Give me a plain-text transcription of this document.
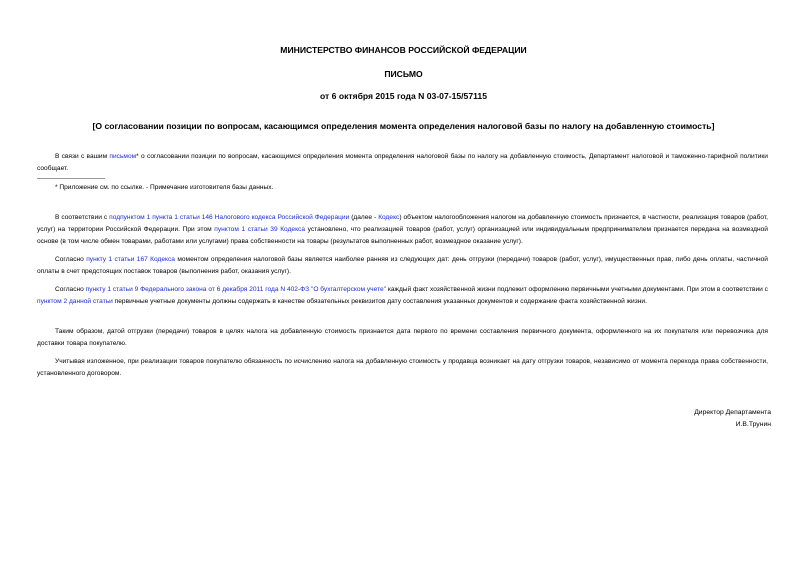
МИНИСТЕРСТВО ФИНАНСОВ РОССИЙСКОЙ ФЕДЕРАЦИИ
ПИСЬМО
от 6 октября 2015 года N 03-07-15/57115
[О согласовании позиции по вопросам, касающимся определения момента определения налоговой базы по налогу на добавленную стоимость]
В связи с вашим письмом* о согласовании позиции по вопросам, касающимся определения момента определения налоговой базы по налогу на добавленную стоимость, Департамент налоговой и таможенно-тарифной политики сообщает.
* Приложение см. по ссылке. - Примечание изготовителя базы данных.
В соответствии с подпунктом 1 пункта 1 статьи 146 Налогового кодекса Российской Федерации (далее - Кодекс) объектом налогообложения налогом на добавленную стоимость признается, в частности, реализация товаров (работ, услуг) на территории Российской Федерации. При этом пунктом 1 статьи 39 Кодекса установлено, что реализацией товаров (работ, услуг) организацией или индивидуальным предпринимателем признается передача на возмездной основе (в том числе обмен товарами, работами или услугами) права собственности на товары (результатов выполненных работ, возмездное оказание услуг).
Согласно пункту 1 статьи 167 Кодекса моментом определения налоговой базы является наиболее ранняя из следующих дат: день отгрузки (передачи) товаров (работ, услуг), имущественных прав, либо день оплаты, частичной оплаты в счет предстоящих поставок товаров (выполнения работ, оказания услуг).
Согласно пункту 1 статьи 9 Федерального закона от 6 декабря 2011 года N 402-ФЗ "О бухгалтерском учете" каждый факт хозяйственной жизни подлежит оформлению первичными учетными документами. При этом в соответствии с пунктом 2 данной статьи первичные учетные документы должны содержать в качестве обязательных реквизитов дату составления указанных документов и содержание факта хозяйственной жизни.
Таким образом, датой отгрузки (передачи) товаров в целях налога на добавленную стоимость признается дата первого по времени составления первичного документа, оформленного на их покупателя или перевозчика для доставки товара покупателю.
Учитывая изложенное, при реализации товаров покупателю обязанность по исчислению налога на добавленную стоимость у продавца возникает на дату отгрузки товаров, независимо от момента перехода права собственности, установленного договором.
Директор Департамента
И.В.Трунин
